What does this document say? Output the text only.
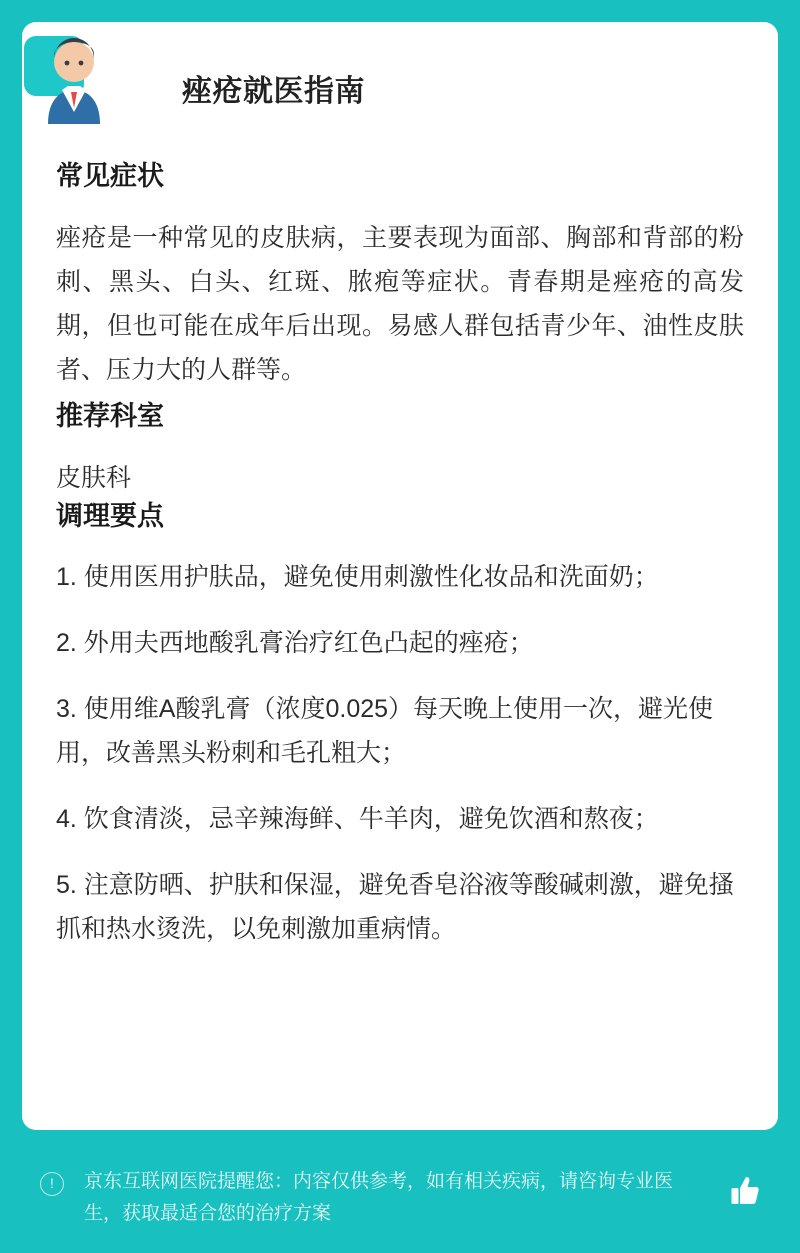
痤疮就医指南
常见症状

痤疮是一种常见的皮肤病，主要表现为面部、胸部和背部的粉刺、黑头、白头、红斑、脓疱等症状。青春期是痤疮的高发期，但也可能在成年后出现。易感人群包括青少年、油性皮肤者、压力大的人群等。

推荐科室

皮肤科

调理要点
1. 使用医用护肤品，避免使用刺激性化妆品和洗面奶；
2. 外用夫西地酸乳膏治疗红色凸起的痤疮；
3. 使用维A酸乳膏（浓度0.025）每天晚上使用一次，避光使用，改善黑头粉刺和毛孔粗大；
4. 饮食清淡，忌辛辣海鲜、牛羊肉，避免饮酒和熬夜；
5. 注意防晒、护肤和保湿，避免香皂浴液等酸碱刺激，避免搔抓和热水烫洗，以免刺激加重病情。
!	京东互联网医院提醒您：内容仅供参考，如有相关疾病，请咨询专业医生，获取最适合您的治疗方案
